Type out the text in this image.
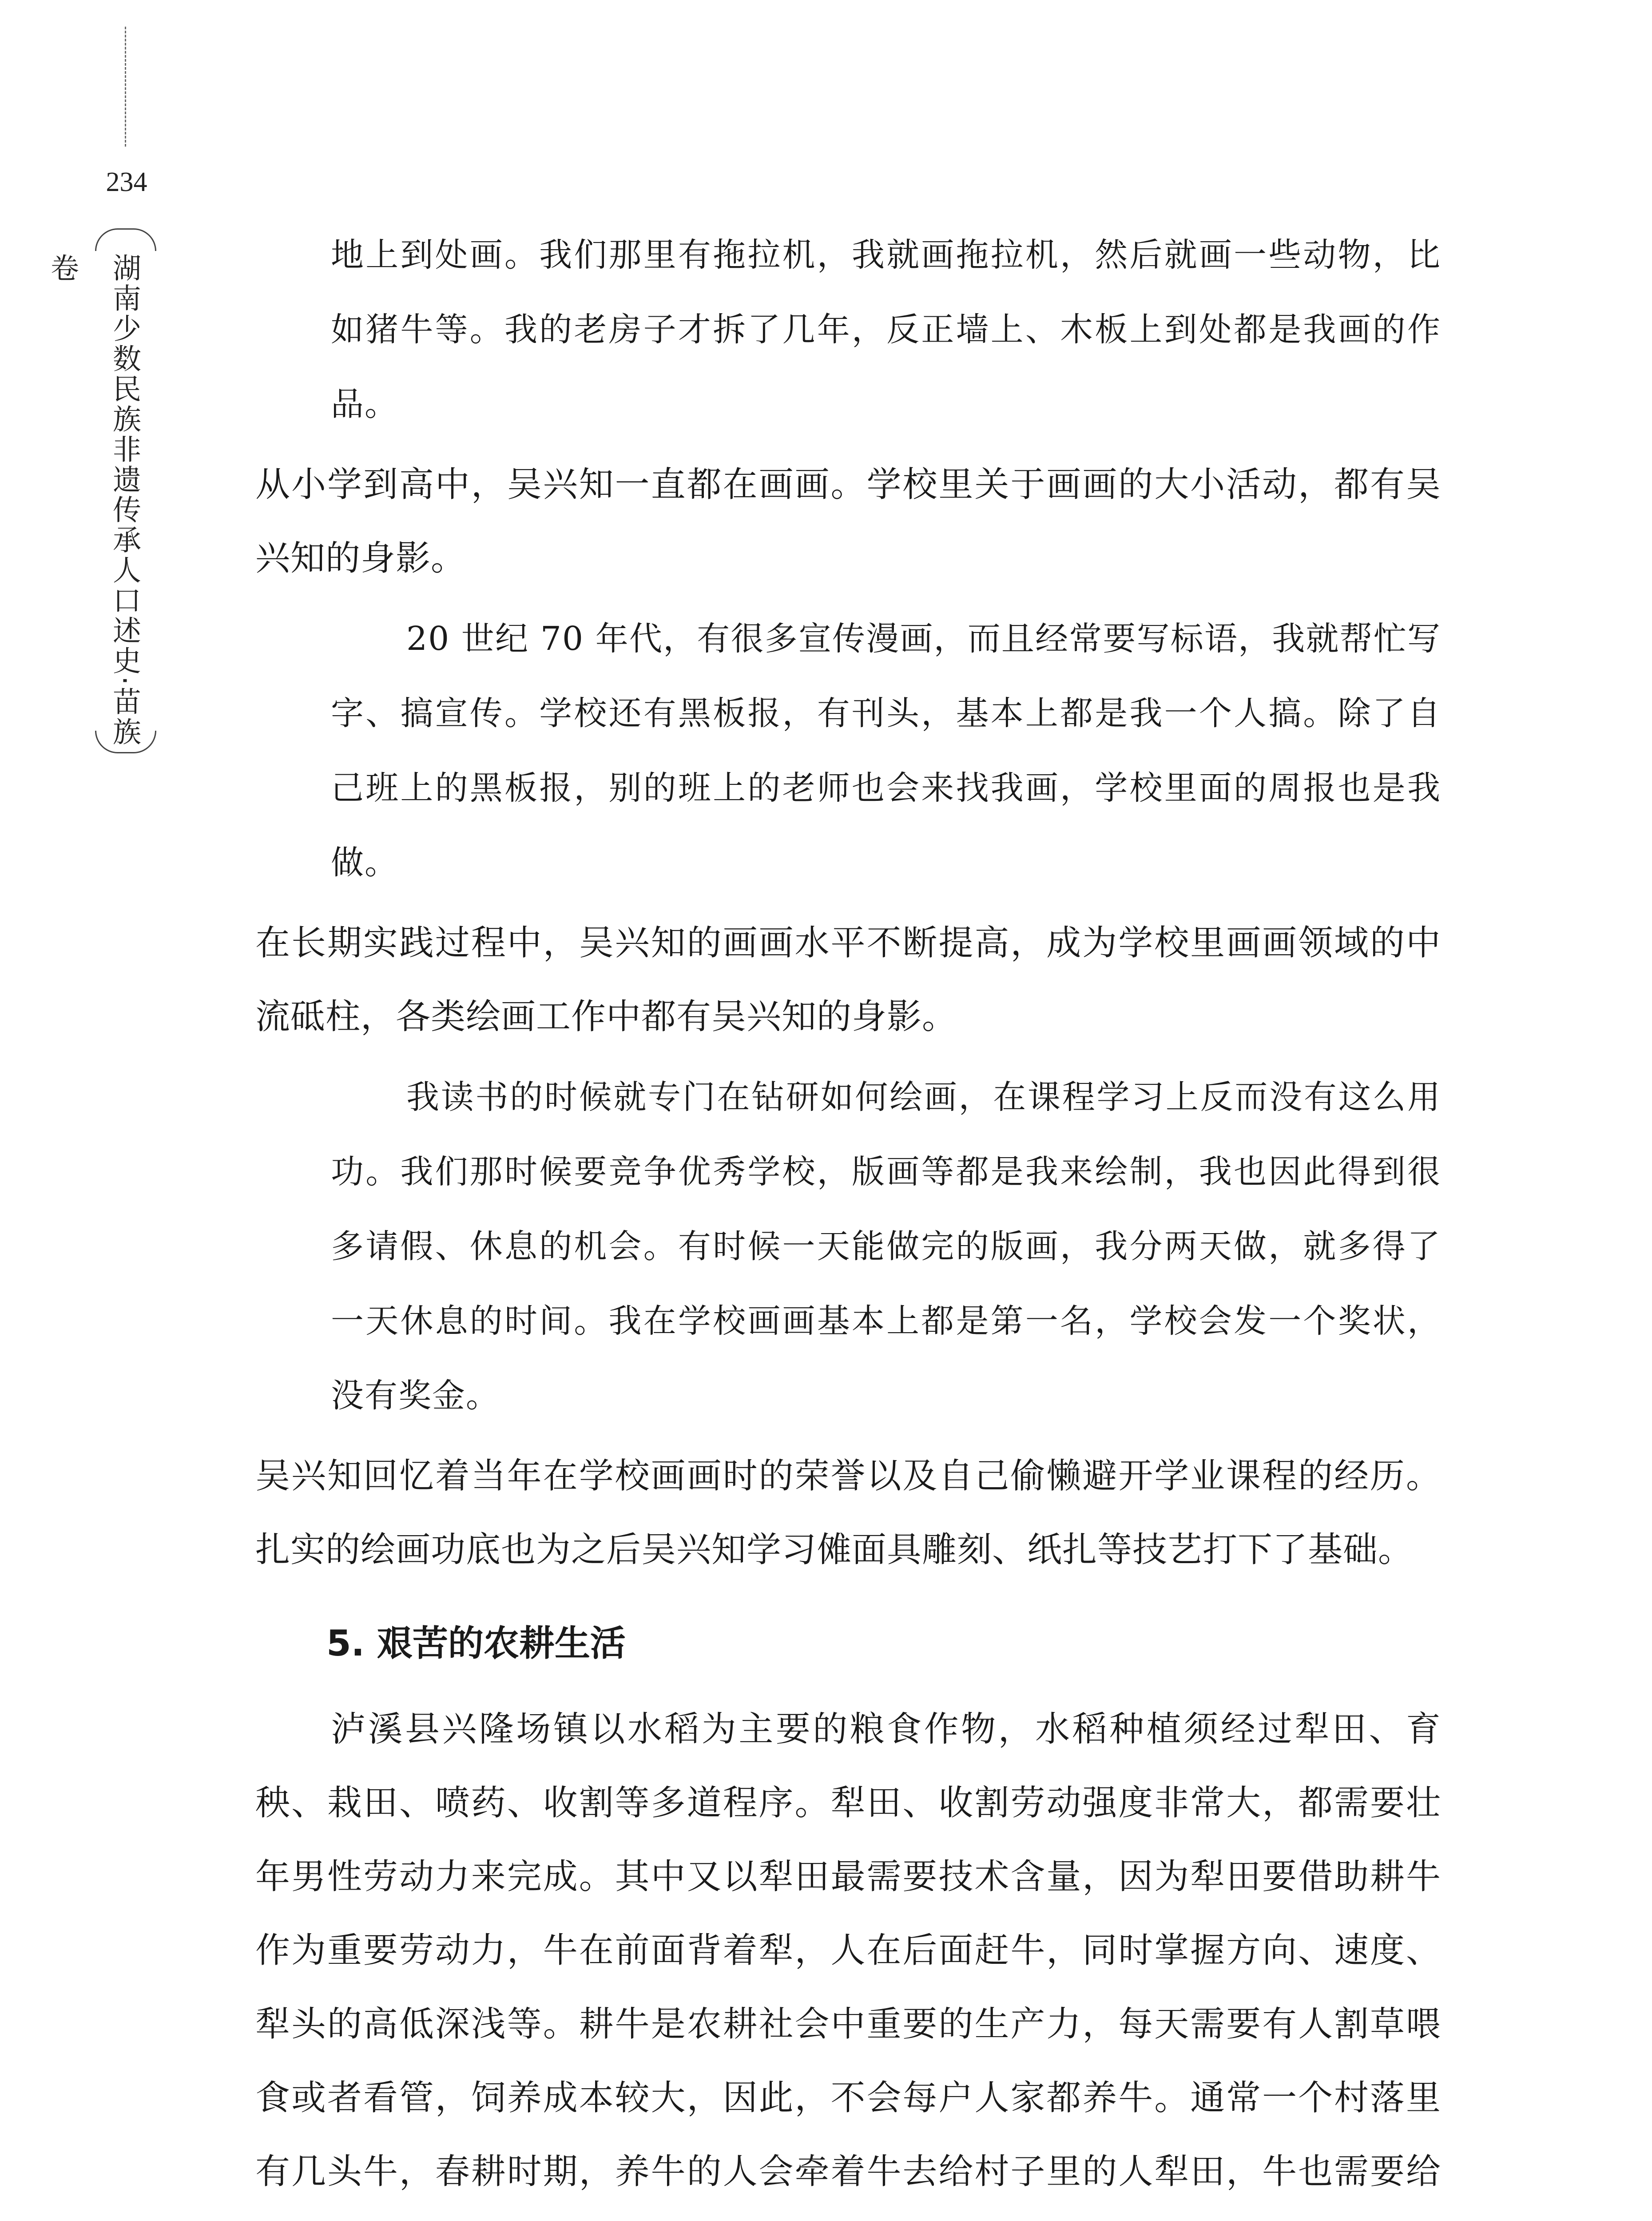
234
湖南少数民族非遗传承人口述史·苗族卷	地上到处画。我们那里有拖拉机，我就画拖拉机，然后就画一些动物，比如猪牛等。我的老房子才拆了几年，反正墙上、木板上到处都是我画的作品。

从小学到高中，吴兴知一直都在画画。学校里关于画画的大小活动，都有吴兴知的身影。

20 世纪 70 年代，有很多宣传漫画，而且经常要写标语，我就帮忙写字、搞宣传。学校还有黑板报，有刊头，基本上都是我一个人搞。除了自己班上的黑板报，别的班上的老师也会来找我画，学校里面的周报也是我做。

在长期实践过程中，吴兴知的画画水平不断提高，成为学校里画画领域的中流砥柱，各类绘画工作中都有吴兴知的身影。

我读书的时候就专门在钻研如何绘画，在课程学习上反而没有这么用功。我们那时候要竞争优秀学校，版画等都是我来绘制，我也因此得到很多请假、休息的机会。有时候一天能做完的版画，我分两天做，就多得了一天休息的时间。我在学校画画基本上都是第一名，学校会发一个奖状，没有奖金。

吴兴知回忆着当年在学校画画时的荣誉以及自己偷懒避开学业课程的经历。扎实的绘画功底也为之后吴兴知学习傩面具雕刻、纸扎等技艺打下了基础。

5. 艰苦的农耕生活

泸溪县兴隆场镇以水稻为主要的粮食作物，水稻种植须经过犁田、育秧、栽田、喷药、收割等多道程序。犁田、收割劳动强度非常大，都需要壮年男性劳动力来完成。其中又以犁田最需要技术含量，因为犁田要借助耕牛作为重要劳动力，牛在前面背着犁，人在后面赶牛，同时掌握方向、速度、犁头的高低深浅等。耕牛是农耕社会中重要的生产力，每天需要有人割草喂食或者看管，饲养成本较大，因此，不会每户人家都养牛。通常一个村落里有几头牛，春耕时期，养牛的人会牵着牛去给村子里的人犁田，牛也需要给
